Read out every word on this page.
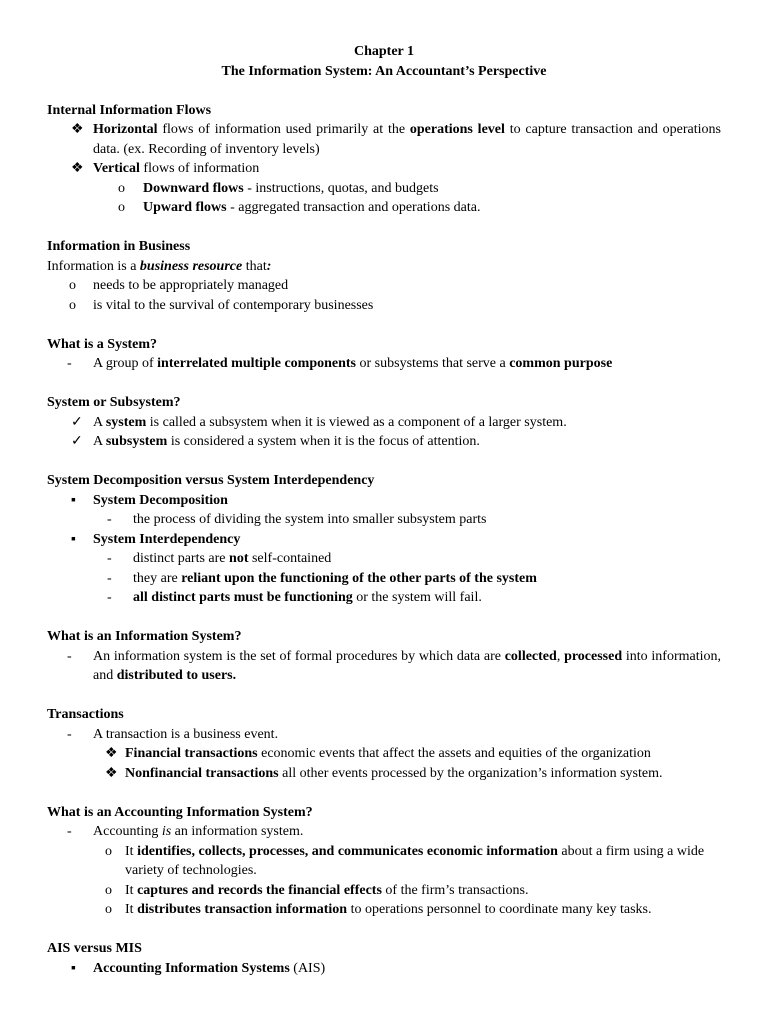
Chapter 1
The Information System: An Accountant’s Perspective
Internal Information Flows
❖ Horizontal flows of information used primarily at the operations level to capture transaction and operations data. (ex. Recording of inventory levels)
❖ Vertical flows of information
o Downward flows - instructions, quotas, and budgets
o Upward flows - aggregated transaction and operations data.
Information in Business
Information is a business resource that:
o needs to be appropriately managed
o is vital to the survival of contemporary businesses
What is a System?
- A group of interrelated multiple components or subsystems that serve a common purpose
System or Subsystem?
✓ A system is called a subsystem when it is viewed as a component of a larger system.
✓ A subsystem is considered a system when it is the focus of attention.
System Decomposition versus System Interdependency
▪ System Decomposition
- the process of dividing the system into smaller subsystem parts
▪ System Interdependency
- distinct parts are not self-contained
- they are reliant upon the functioning of the other parts of the system
- all distinct parts must be functioning or the system will fail.
What is an Information System?
- An information system is the set of formal procedures by which data are collected, processed into information, and distributed to users.
Transactions
- A transaction is a business event.
❖ Financial transactions economic events that affect the assets and equities of the organization
❖ Nonfinancial transactions all other events processed by the organization’s information system.
What is an Accounting Information System?
- Accounting is an information system.
o It identifies, collects, processes, and communicates economic information about a firm using a wide variety of technologies.
o It captures and records the financial effects of the firm’s transactions.
o It distributes transaction information to operations personnel to coordinate many key tasks.
AIS versus MIS
▪ Accounting Information Systems (AIS)
